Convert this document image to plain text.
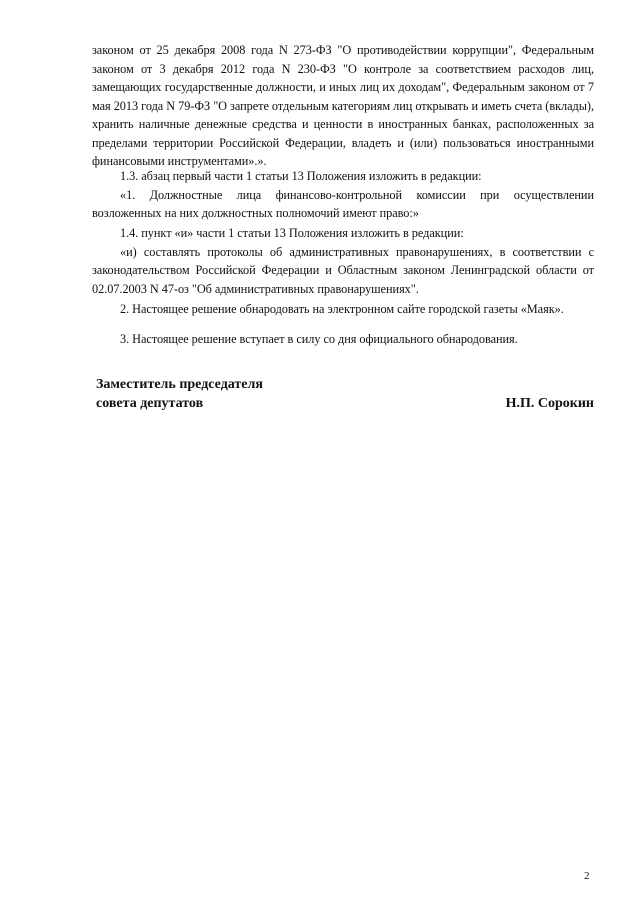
законом от 25 декабря 2008 года N 273-ФЗ "О противодействии коррупции", Федеральным законом от 3 декабря 2012 года N 230-ФЗ "О контроле за соответствием расходов лиц, замещающих государственные должности, и иных лиц их доходам", Федеральным законом от 7 мая 2013 года N 79-ФЗ "О запрете отдельным категориям лиц открывать и иметь счета (вклады), хранить наличные денежные средства и ценности в иностранных банках, расположенных за пределами территории Российской Федерации, владеть и (или) пользоваться иностранными финансовыми инструментами».».

1.3. абзац первый части 1 статьи 13 Положения изложить в редакции:

«1. Должностные лица финансово-контрольной комиссии при осуществлении возложенных на них должностных полномочий имеют право:»

1.4. пункт «и» части 1 статьи 13 Положения изложить в редакции:

«и) составлять протоколы об административных правонарушениях, в соответствии с законодательством Российской Федерации и Областным законом Ленинградской области от 02.07.2003 N 47-оз "Об административных правонарушениях".

2. Настоящее решение обнародовать на электронном сайте городской газеты «Маяк».

3. Настоящее решение вступает в силу со дня официального обнародования.

Заместитель председателя
совета депутатов	Н.П. Сорокин
2
